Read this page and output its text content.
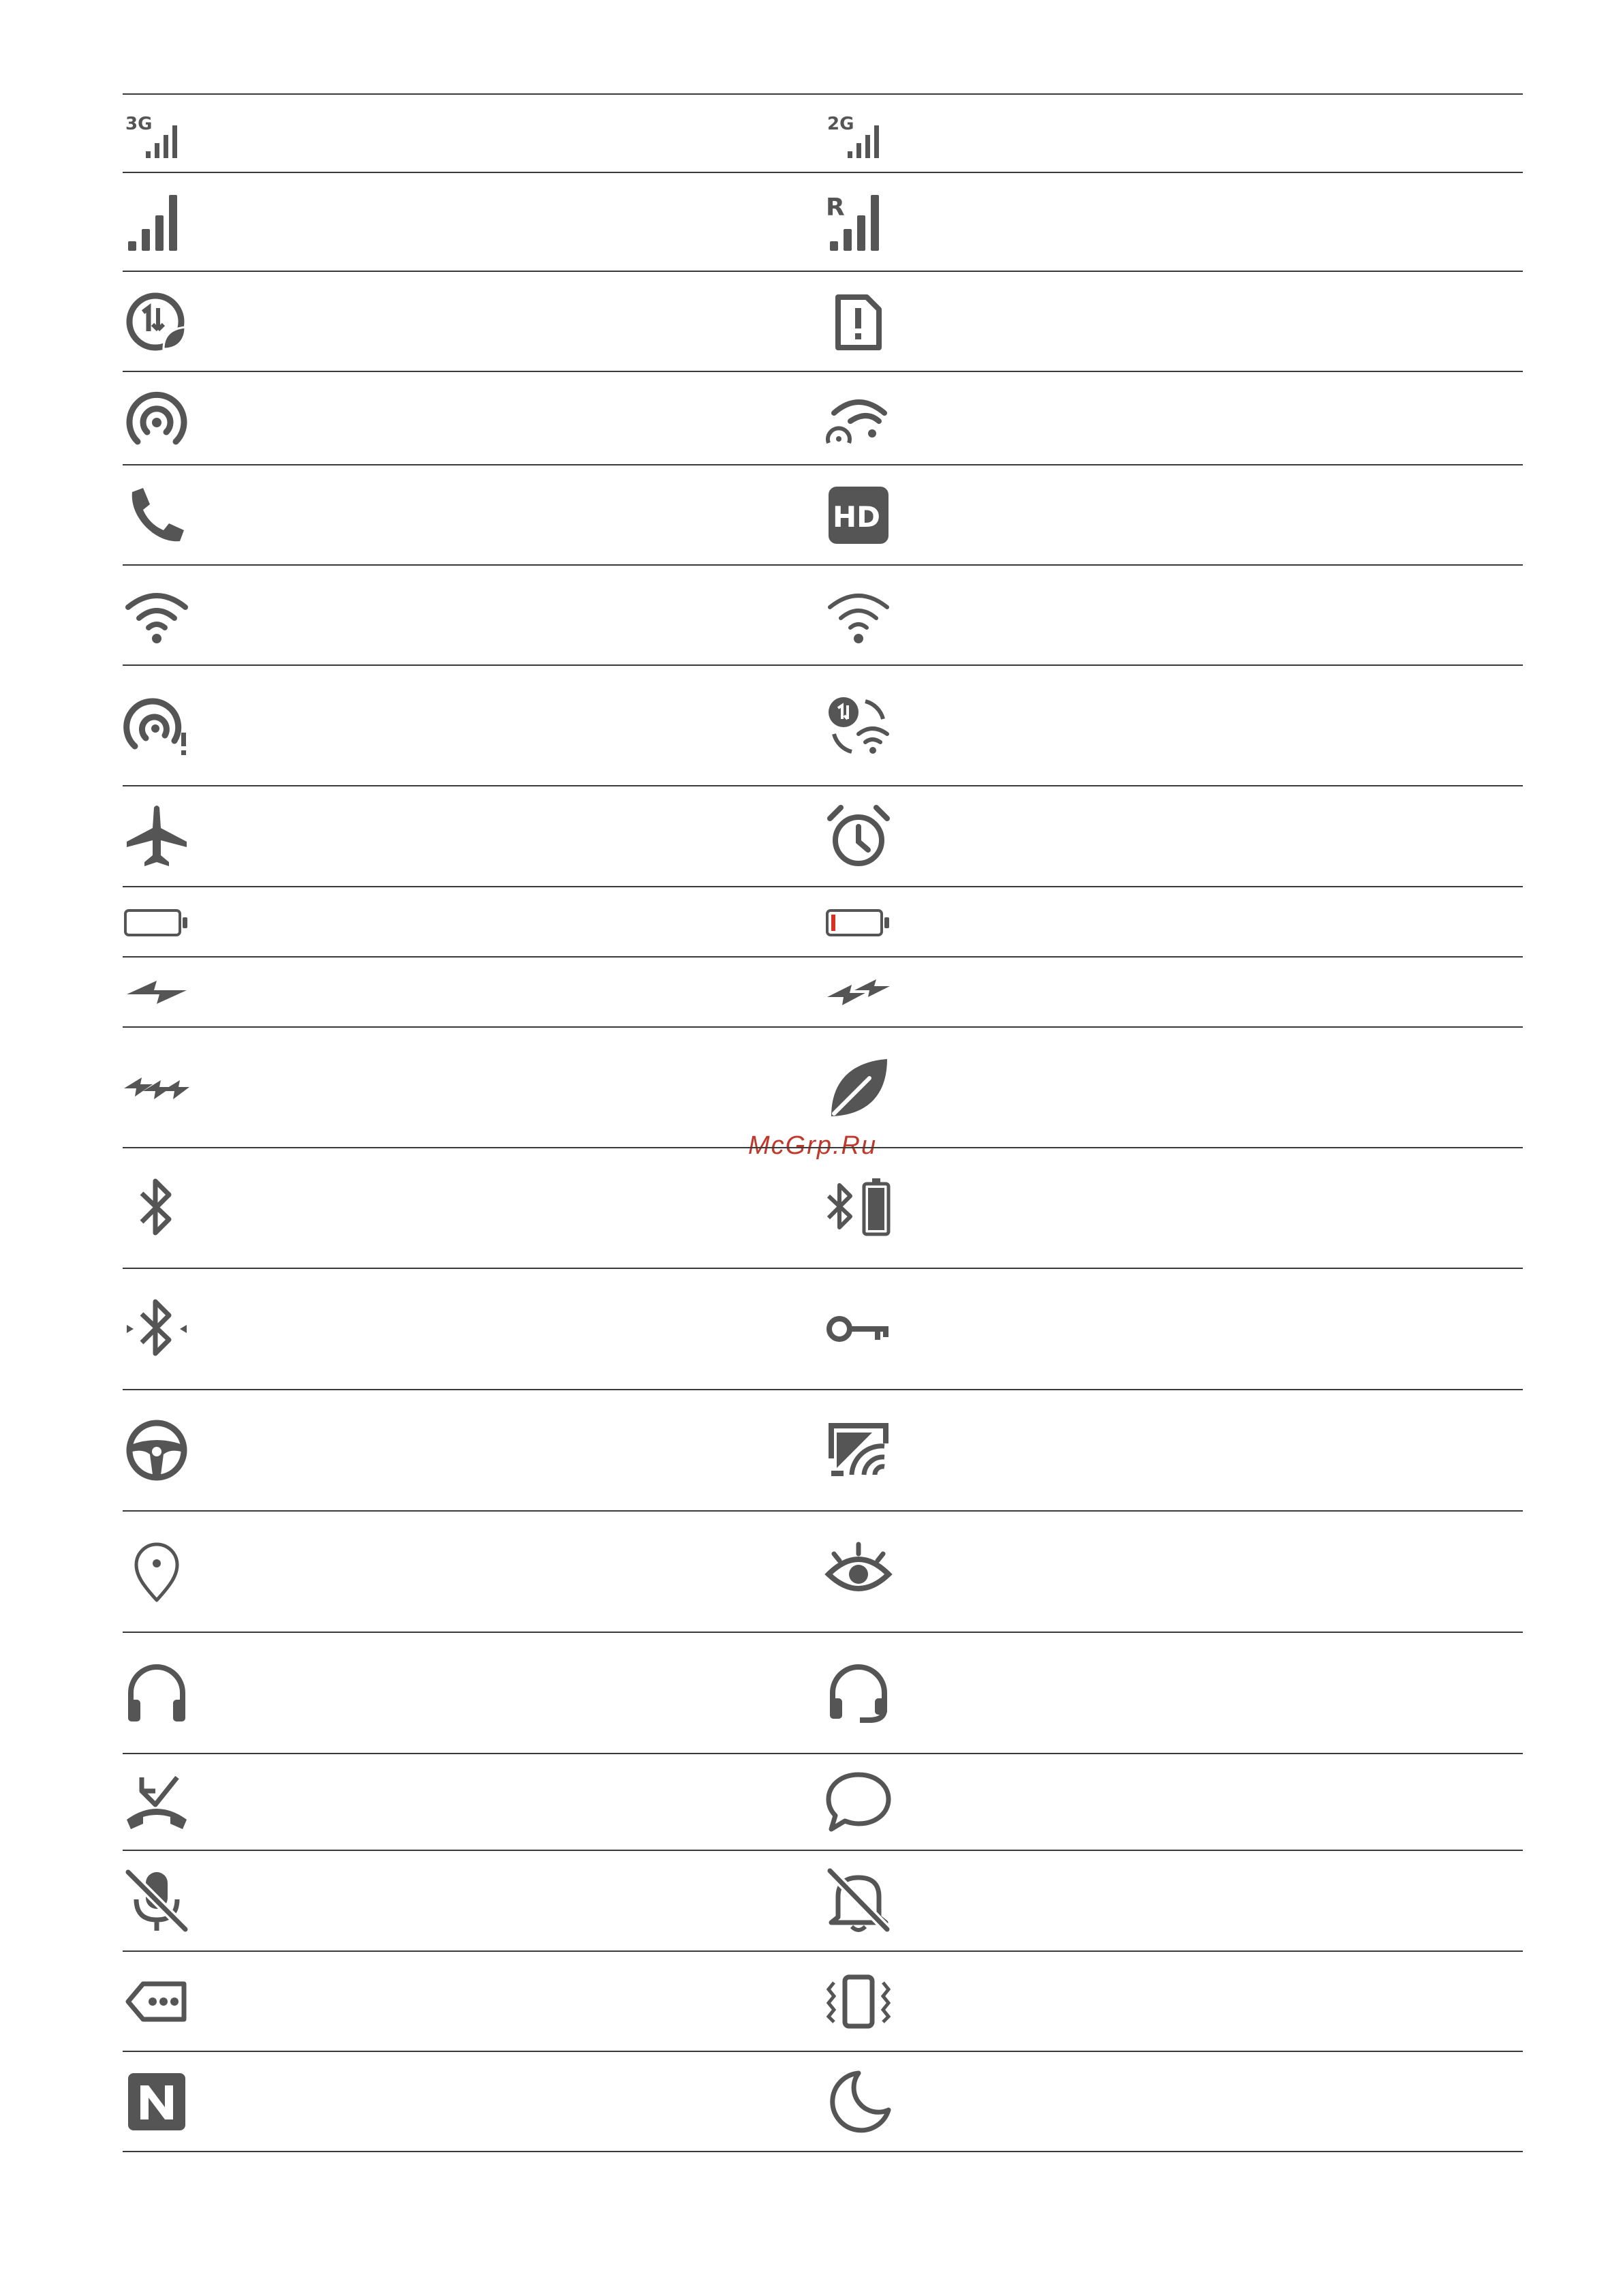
McGrp.Ru
3G	2G
R
HD
